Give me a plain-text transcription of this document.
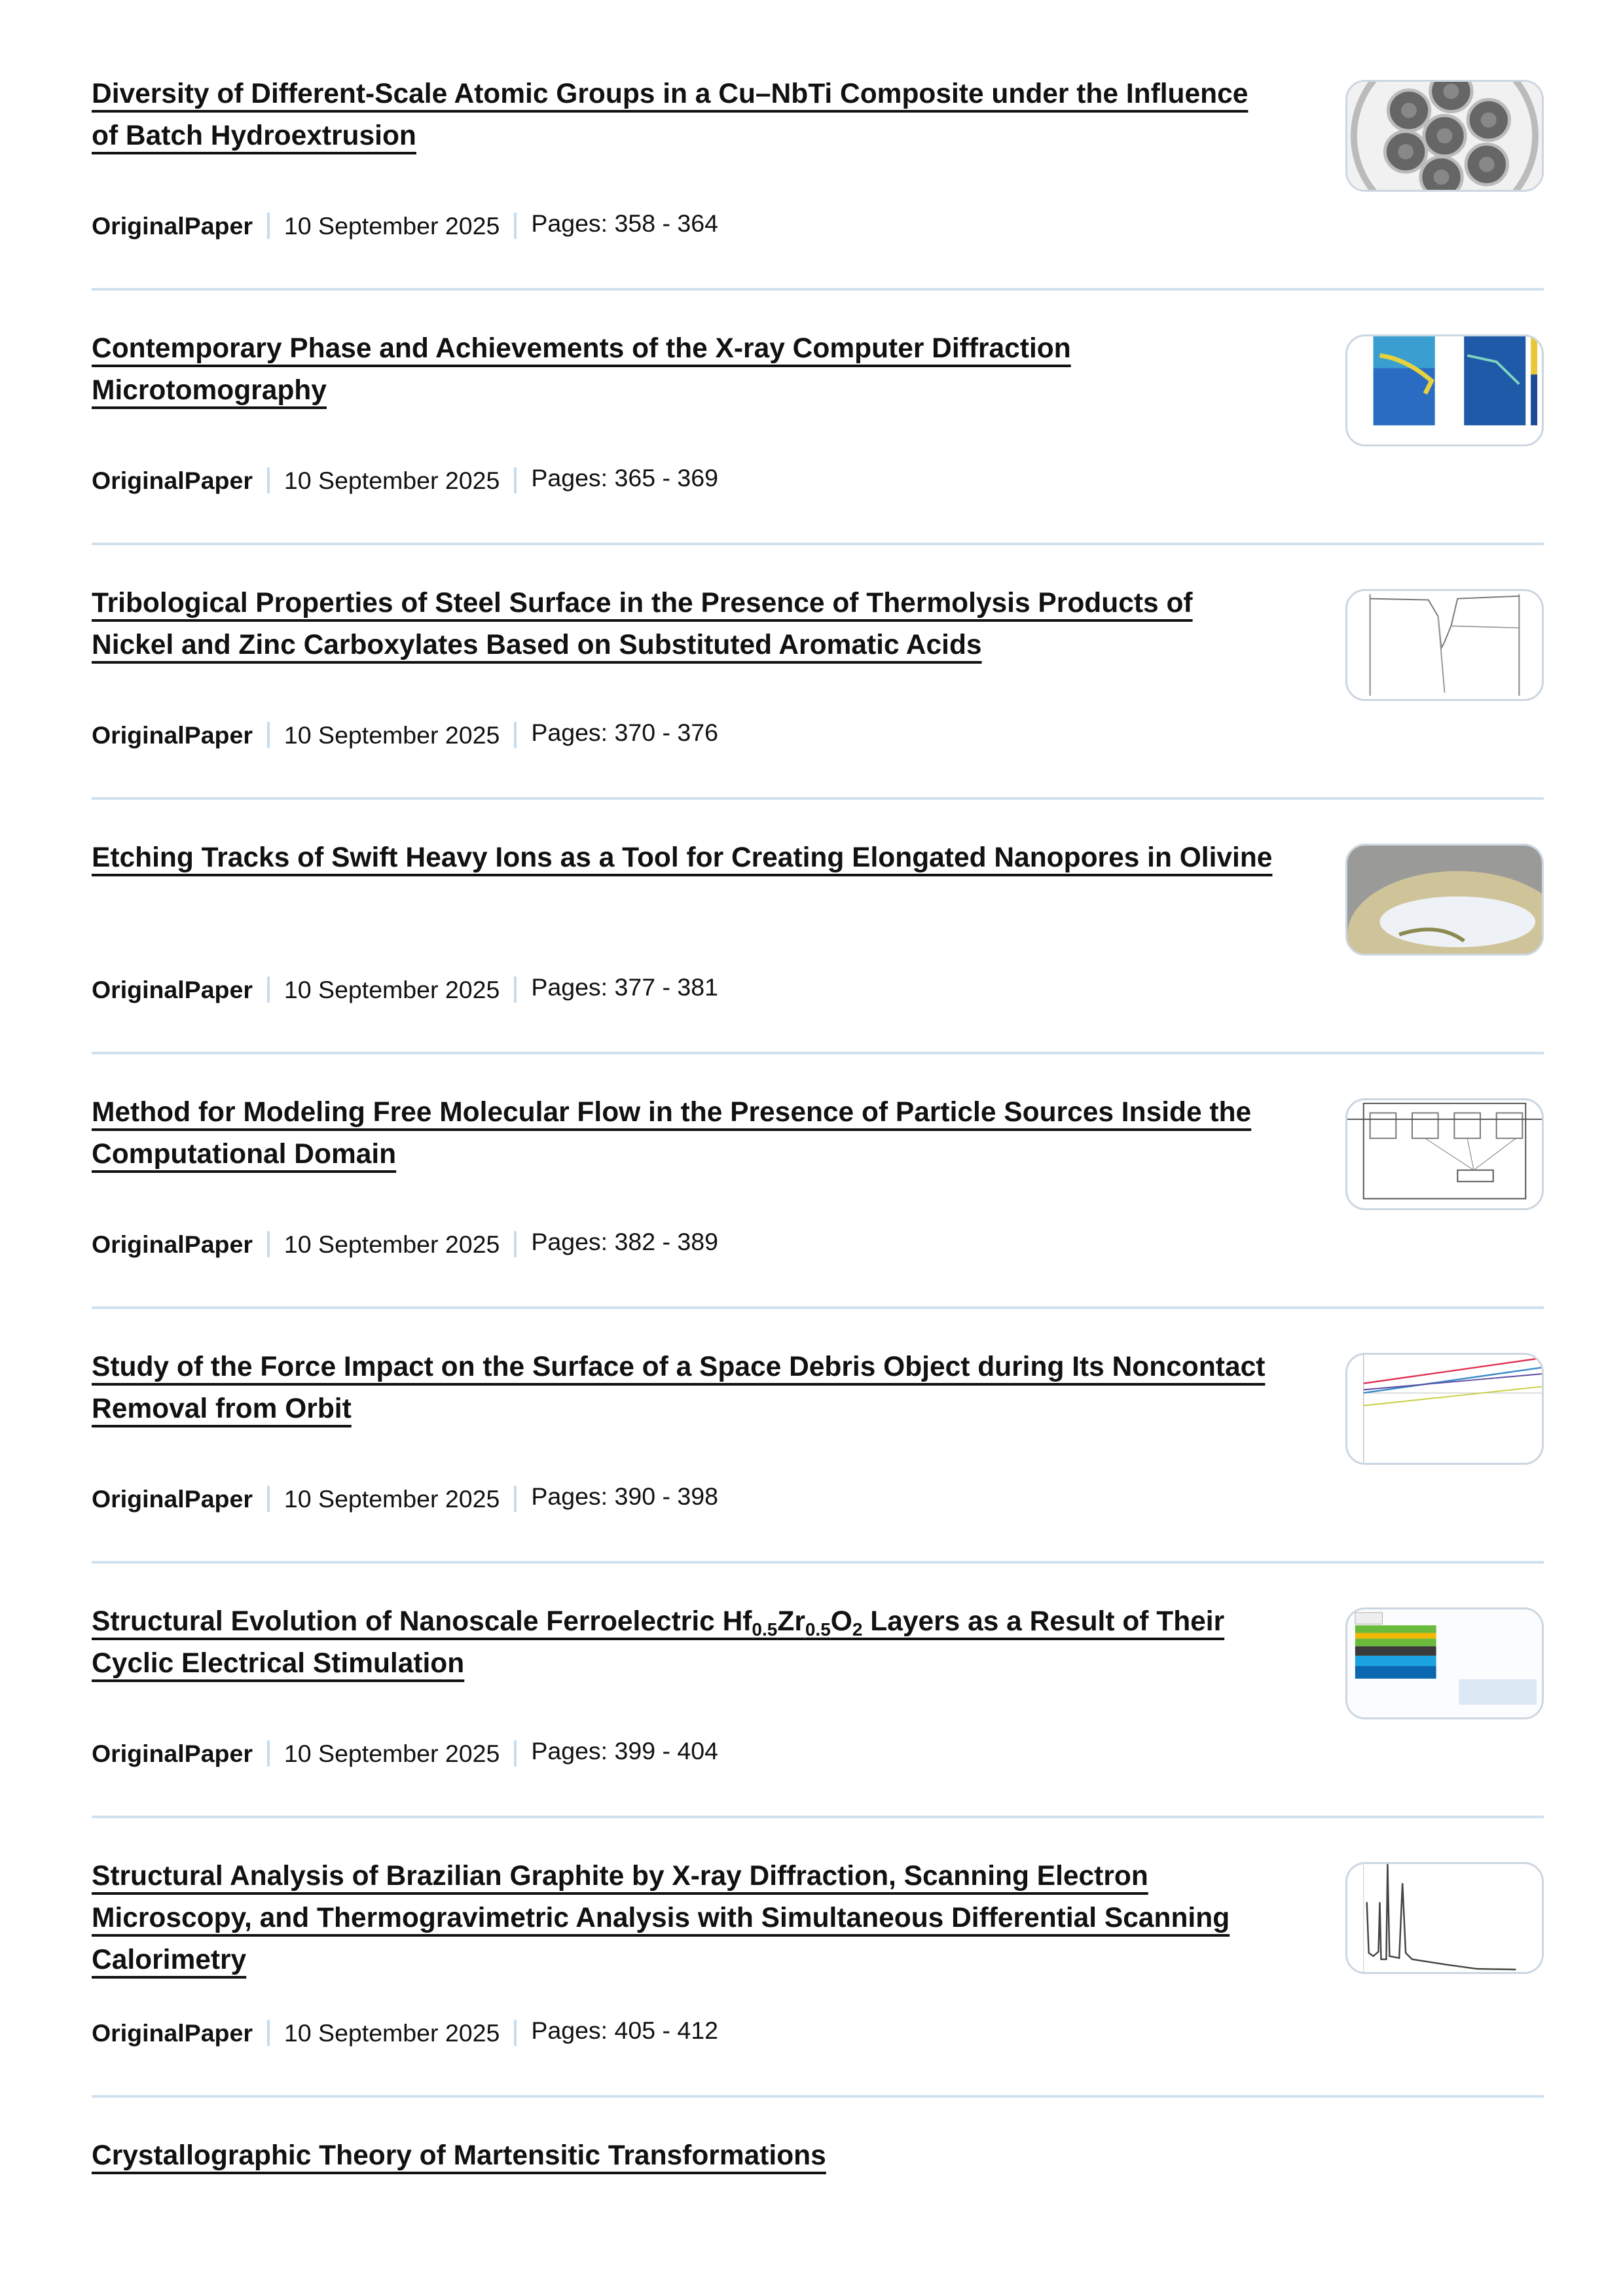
Diversity of Different-Scale Atomic Groups in a Cu–NbTi Composite under the Influence
of Batch Hydroextrusion
OriginalPaper 10 September 2025 Pages: 358 - 364
Contemporary Phase and Achievements of the X-ray Computer Diffraction
Microtomography
OriginalPaper 10 September 2025 Pages: 365 - 369
Tribological Properties of Steel Surface in the Presence of Thermolysis Products of
Nickel and Zinc Carboxylates Based on Substituted Aromatic Acids
OriginalPaper 10 September 2025 Pages: 370 - 376
Etching Tracks of Swift Heavy Ions as a Tool for Creating Elongated Nanopores in Olivine
OriginalPaper 10 September 2025 Pages: 377 - 381
Method for Modeling Free Molecular Flow in the Presence of Particle Sources Inside the
Computational Domain
OriginalPaper 10 September 2025 Pages: 382 - 389
Study of the Force Impact on the Surface of a Space Debris Object during Its Noncontact
Removal from Orbit
OriginalPaper 10 September 2025 Pages: 390 - 398
Structural Evolution of Nanoscale Ferroelectric $Hf_{0.5}Zr_{0.5}O_2$ Layers as a Result of Their
Cyclic Electrical Stimulation
OriginalPaper 10 September 2025 Pages: 399 - 404
Structural Analysis of Brazilian Graphite by X-ray Diffraction, Scanning Electron
Microscopy, and Thermogravimetric Analysis with Simultaneous Differential Scanning
Calorimetry
OriginalPaper 10 September 2025 Pages: 405 - 412
Crystallographic Theory of Martensitic Transformations
